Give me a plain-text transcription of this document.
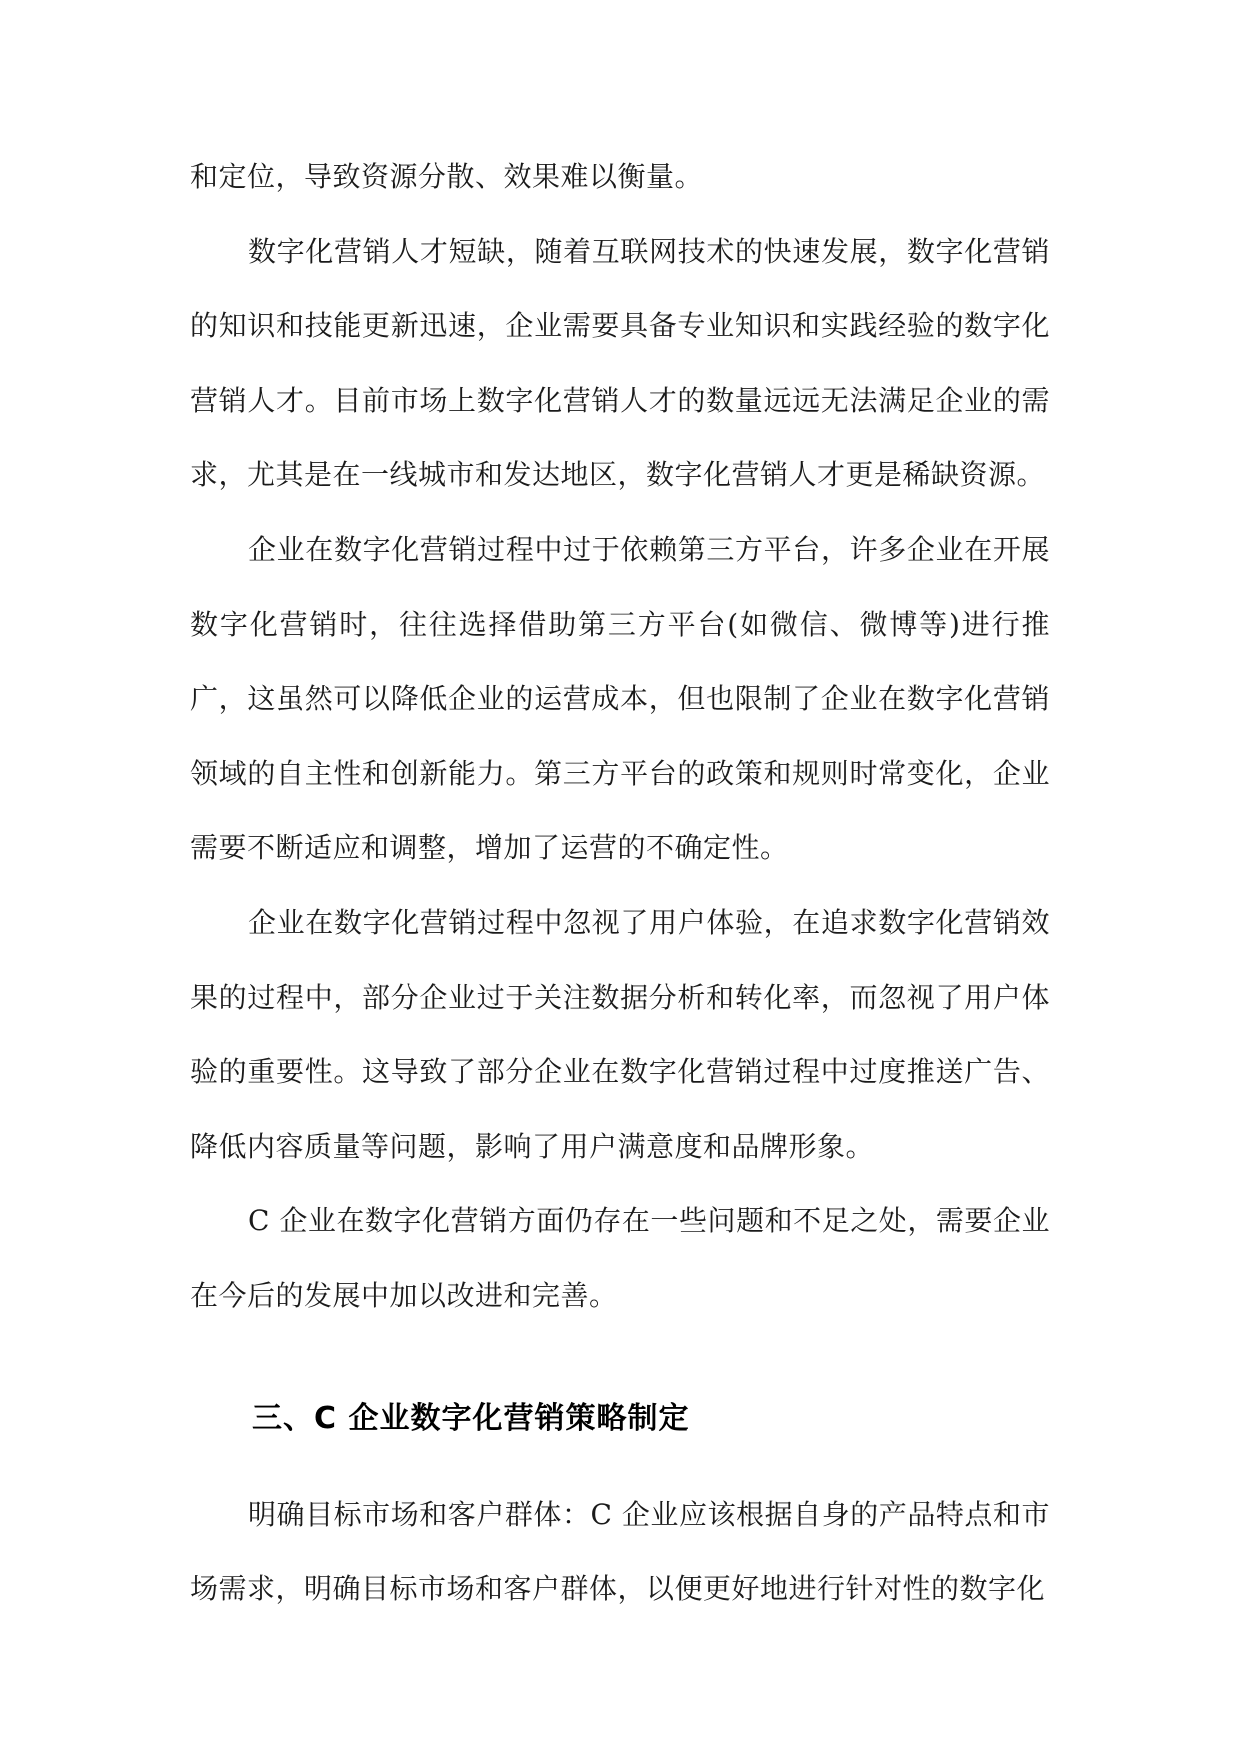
和定位，导致资源分散、效果难以衡量。

数字化营销人才短缺，随着互联网技术的快速发展，数字化营销的知识和技能更新迅速，企业需要具备专业知识和实践经验的数字化营销人才。目前市场上数字化营销人才的数量远远无法满足企业的需求，尤其是在一线城市和发达地区，数字化营销人才更是稀缺资源。

企业在数字化营销过程中过于依赖第三方平台，许多企业在开展数字化营销时，往往选择借助第三方平台(如微信、微博等)进行推广，这虽然可以降低企业的运营成本，但也限制了企业在数字化营销领域的自主性和创新能力。第三方平台的政策和规则时常变化，企业需要不断适应和调整，增加了运营的不确定性。

企业在数字化营销过程中忽视了用户体验，在追求数字化营销效果的过程中，部分企业过于关注数据分析和转化率，而忽视了用户体验的重要性。这导致了部分企业在数字化营销过程中过度推送广告、降低内容质量等问题，影响了用户满意度和品牌形象。

C 企业在数字化营销方面仍存在一些问题和不足之处，需要企业在今后的发展中加以改进和完善。

三、C 企业数字化营销策略制定

明确目标市场和客户群体：C 企业应该根据自身的产品特点和市场需求，明确目标市场和客户群体，以便更好地进行针对性的数字化
